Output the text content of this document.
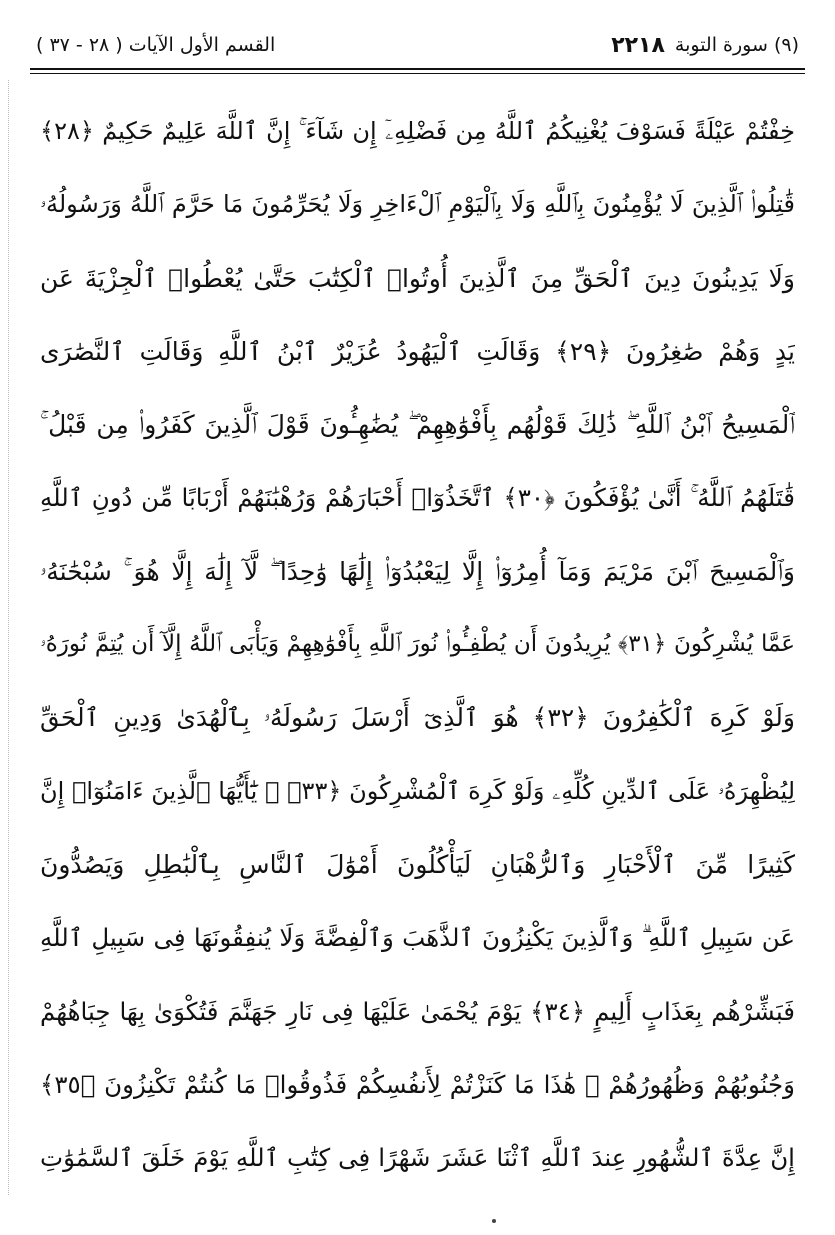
القسم الأول الآيات ( ٢٨ - ٣٧ )	(٩) سورة التوبة
٢٢١٨
خِفْتُمْ عَيْلَةً فَسَوْفَ يُغْنِيكُمُ ٱللَّهُ مِن فَضْلِهِۦٓ إِن شَآءَ ۚ إِنَّ ٱللَّهَ عَلِيمٌ حَكِيمٌ ﴿٢٨﴾
قَٰتِلُوا۟ ٱلَّذِينَ لَا يُؤْمِنُونَ بِٱللَّهِ وَلَا بِٱلْيَوْمِ ٱلْءَاخِرِ وَلَا يُحَرِّمُونَ مَا حَرَّمَ ٱللَّهُ وَرَسُولُهُۥ
وَلَا يَدِينُونَ دِينَ ٱلْحَقِّ مِنَ ٱلَّذِينَ أُوتُوا۟ ٱلْكِتَٰبَ حَتَّىٰ يُعْطُوا۟ ٱلْجِزْيَةَ عَن
يَدٍ وَهُمْ صَٰغِرُونَ ﴿٢٩﴾ وَقَالَتِ ٱلْيَهُودُ عُزَيْرٌ ٱبْنُ ٱللَّهِ وَقَالَتِ ٱلنَّصَٰرَى
ٱلْمَسِيحُ ٱبْنُ ٱللَّهِ ۖ ذَٰلِكَ قَوْلُهُم بِأَفْوَٰهِهِمْ ۖ يُضَٰهِـُٔونَ قَوْلَ ٱلَّذِينَ كَفَرُوا۟ مِن قَبْلُ ۚ
قَٰتَلَهُمُ ٱللَّهُ ۚ أَنَّىٰ يُؤْفَكُونَ ﴿٣٠﴾ ٱتَّخَذُوٓا۟ أَحْبَارَهُمْ وَرُهْبَٰنَهُمْ أَرْبَابًا مِّن دُونِ ٱللَّهِ
وَٱلْمَسِيحَ ٱبْنَ مَرْيَمَ وَمَآ أُمِرُوٓا۟ إِلَّا لِيَعْبُدُوٓا۟ إِلَٰهًا وَٰحِدًا ۖ لَّآ إِلَٰهَ إِلَّا هُوَ ۚ سُبْحَٰنَهُۥ
عَمَّا يُشْرِكُونَ ﴿٣١﴾ يُرِيدُونَ أَن يُطْفِـُٔوا۟ نُورَ ٱللَّهِ بِأَفْوَٰهِهِمْ وَيَأْبَى ٱللَّهُ إِلَّآ أَن يُتِمَّ نُورَهُۥ
وَلَوْ كَرِهَ ٱلْكَٰفِرُونَ ﴿٣٢﴾ هُوَ ٱلَّذِىٓ أَرْسَلَ رَسُولَهُۥ بِٱلْهُدَىٰ وَدِينِ ٱلْحَقِّ
لِيُظْهِرَهُۥ عَلَى ٱلدِّينِ كُلِّهِۦ وَلَوْ كَرِهَ ٱلْمُشْرِكُونَ ﴿٣٣﴾ ۞ يَٰٓأَيُّهَا ٱلَّذِينَ ءَامَنُوٓا۟ إِنَّ
كَثِيرًا مِّنَ ٱلْأَحْبَارِ وَٱلرُّهْبَانِ لَيَأْكُلُونَ أَمْوَٰلَ ٱلنَّاسِ بِٱلْبَٰطِلِ وَيَصُدُّونَ
عَن سَبِيلِ ٱللَّهِ ۗ وَٱلَّذِينَ يَكْنِزُونَ ٱلذَّهَبَ وَٱلْفِضَّةَ وَلَا يُنفِقُونَهَا فِى سَبِيلِ ٱللَّهِ
فَبَشِّرْهُم بِعَذَابٍ أَلِيمٍ ﴿٣٤﴾ يَوْمَ يُحْمَىٰ عَلَيْهَا فِى نَارِ جَهَنَّمَ فَتُكْوَىٰ بِهَا جِبَاهُهُمْ
وَجُنُوبُهُمْ وَظُهُورُهُمْ ۖ هَٰذَا مَا كَنَزْتُمْ لِأَنفُسِكُمْ فَذُوقُوا۟ مَا كُنتُمْ تَكْنِزُونَ ﴿٣٥﴾
إِنَّ عِدَّةَ ٱلشُّهُورِ عِندَ ٱللَّهِ ٱثْنَا عَشَرَ شَهْرًا فِى كِتَٰبِ ٱللَّهِ يَوْمَ خَلَقَ ٱلسَّمَٰوَٰتِ
